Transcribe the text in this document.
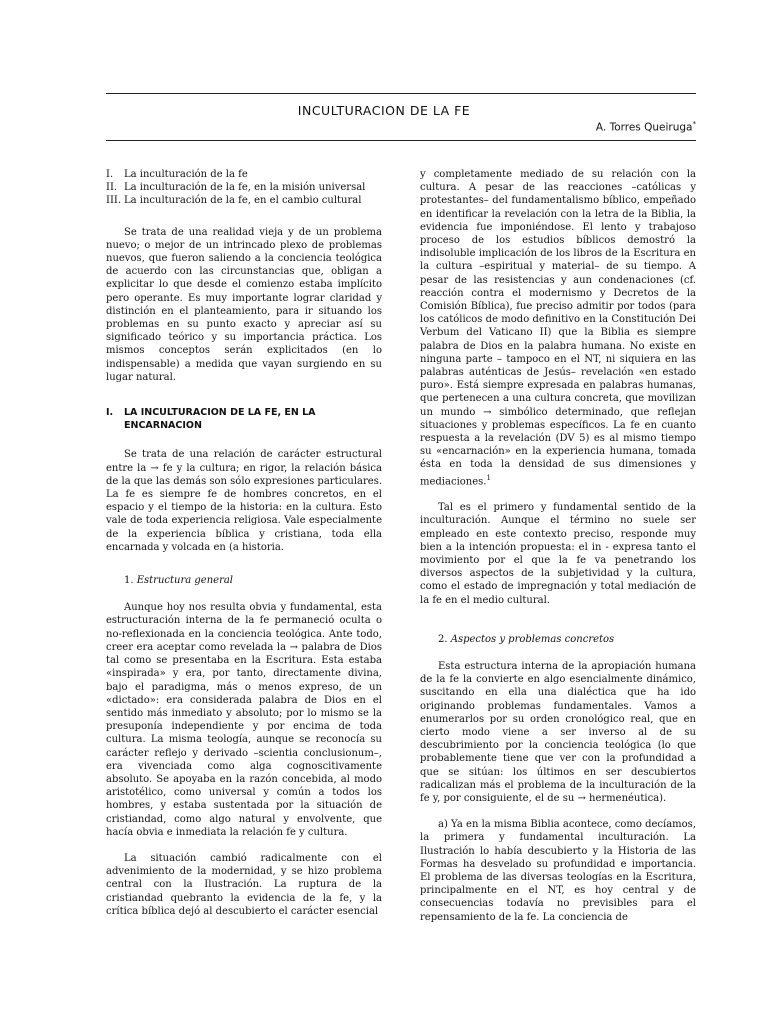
INCULTURACION DE LA FE
A. Torres Queiruga*
I. La inculturación de la fe
II. La inculturación de la fe, en la misión universal
III. La inculturación de la fe, en el cambio cultural

Se trata de una realidad vieja y de un problema nuevo; o mejor de un intrincado plexo de problemas nuevos, que fueron saliendo a la conciencia teológica de acuerdo con las circunstancias que, obligan a explicitar lo que desde el comienzo estaba implícito pero operante. Es muy importante lograr claridad y distinción en el planteamiento, para ir situando los problemas en su punto exacto y apreciar así su significado teórico y su importancia práctica. Los mismos conceptos serán explicitados (en lo indispensable) a medida que vayan surgiendo en su lugar natural.

I. LA INCULTURACION DE LA FE, EN LA ENCARNACION

Se trata de una relación de carácter estructural entre la → fe y la cultura; en rigor, la relación básica de la que las demás son sólo expresiones particulares. La fe es siempre fe de hombres concretos, en el espacio y el tiempo de la historia: en la cultura. Esto vale de toda experiencia religiosa. Vale especialmente de la experiencia bíblica y cristiana, toda ella encarnada y volcada en (a historia.

1. Estructura general

Aunque hoy nos resulta obvia y fundamental, esta estructuración interna de la fe permaneció oculta o no-reflexionada en la conciencia teológica. Ante todo, creer era aceptar como revelada la → palabra de Dios tal como se presentaba en la Escritura. Esta estaba «inspirada» y era, por tanto, directamente divina, bajo el paradigma, más o menos expreso, de un «dictado»: era considerada palabra de Dios en el sentido más inmediato y absoluto; por lo mismo se la presuponía independiente y por encima de toda cultura. La misma teología, aunque se reconocía su carácter reflejo y derivado –scientia conclusionum–, era vivenciada como alga cognoscitivamente absoluto. Se apoyaba en la razón concebida, al modo aristotélico, como universal y común a todos los hombres, y estaba sustentada por la situación de cristiandad, como algo natural y envolvente, que hacía obvia e inmediata la relación fe y cultura.

La situación cambió radicalmente con el advenimiento de la modernidad, y se hizo problema central con la Ilustración. La ruptura de la cristiandad quebranto la evidencia de la fe, y la crítica bíblica dejó al descubierto el carácter esencial

y completamente mediado de su relación con la cultura. A pesar de las reacciones –católicas y protestantes– del fundamentalismo bíblico, empeñado en identificar la revelación con la letra de la Biblia, la evidencia fue imponiéndose. El lento y trabajoso proceso de los estudios bíblicos demostró la indisoluble implicación de los libros de la Escritura en la cultura –espiritual y material– de su tiempo. A pesar de las resistencias y aun condenaciones (cf. reacción contra el modernismo y Decretos de la Comisión Bíblica), fue preciso admitir por todos (para los católicos de modo definitivo en la Constitución Dei Verbum del Vaticano II) que la Biblia es siempre palabra de Dios en la palabra humana. No existe en ninguna parte – tampoco en el NT, ni siquiera en las palabras auténticas de Jesús– revelación «en estado puro». Está siempre expresada en palabras humanas, que pertenecen a una cultura concreta, que movilizan un mundo → simbólico determinado, que reflejan situaciones y problemas específicos. La fe en cuanto respuesta a la revelación (DV 5) es al mismo tiempo su «encarnación» en la experiencia humana, tomada ésta en toda la densidad de sus dimensiones y mediaciones.$^1$

Tal es el primero y fundamental sentido de la inculturación. Aunque el término no suele ser empleado en este contexto preciso, responde muy bien a la intención propuesta: el in - expresa tanto el movimiento por el que la fe va penetrando los diversos aspectos de la subjetividad y la cultura, como el estado de impregnación y total mediación de la fe en el medio cultural.

2. Aspectos y problemas concretos

Esta estructura interna de la apropiación humana de la fe la convierte en algo esencialmente dinámico, suscitando en ella una dialéctica que ha ido originando problemas fundamentales. Vamos a enumerarlos por su orden cronológico real, que en cierto modo viene a ser inverso al de su descubrimiento por la conciencia teológica (lo que probablemente tiene que ver con la profundidad a que se sitúan: los últimos en ser descubiertos radicalizan más el problema de la inculturación de la fe y, por consiguiente, el de su → hermenéutica).

a) Ya en la misma Biblia acontece, como decíamos, la primera y fundamental inculturación. La Ilustración lo había descubierto y la Historia de las Formas ha desvelado su profundidad e importancia. El problema de las diversas teologías en la Escritura, principalmente en el NT, es hoy central y de consecuencias todavía no previsibles para el repensamiento de la fe. La conciencia de
